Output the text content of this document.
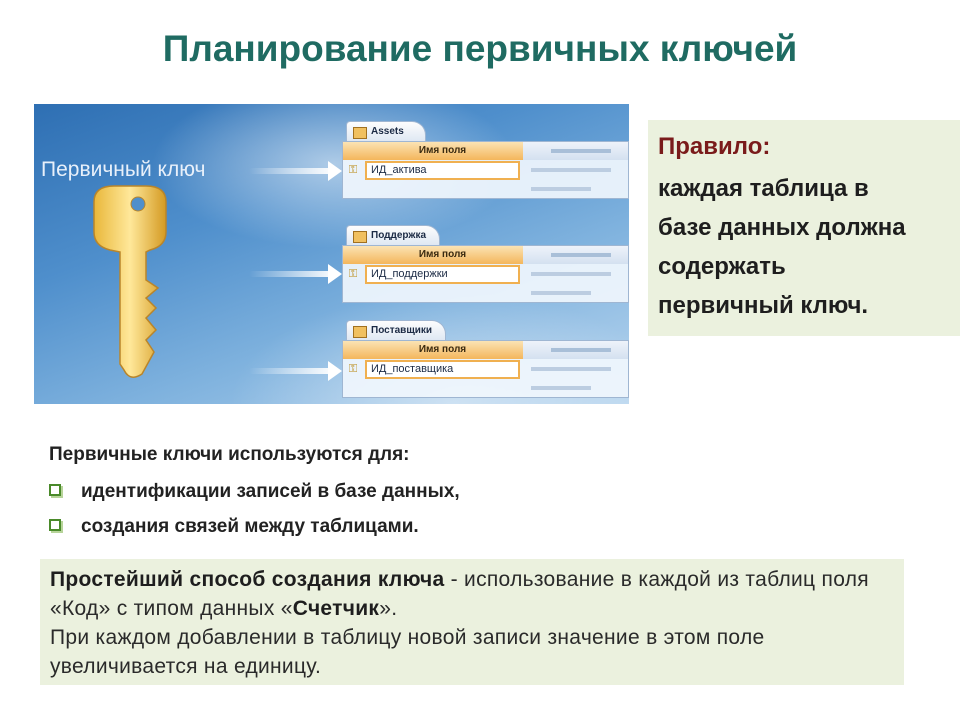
Планирование первичных ключей
Первичный ключ
Assets
Имя поля
⚿	ИД_актива
Поддержка
Имя поля
⚿	ИД_поддержки
Поставщики
Имя поля
⚿	ИД_поставщика
Правило:
каждая таблица в
базе данных должна
содержать
первичный ключ.
Первичные ключи используются для:
идентификации записей в базе данных,
создания связей между таблицами.
Простейший способ создания ключа - использование в каждой из таблиц поля «Код» с типом данных «Счетчик».
При каждом добавлении в таблицу новой записи значение в этом поле увеличивается на единицу.
